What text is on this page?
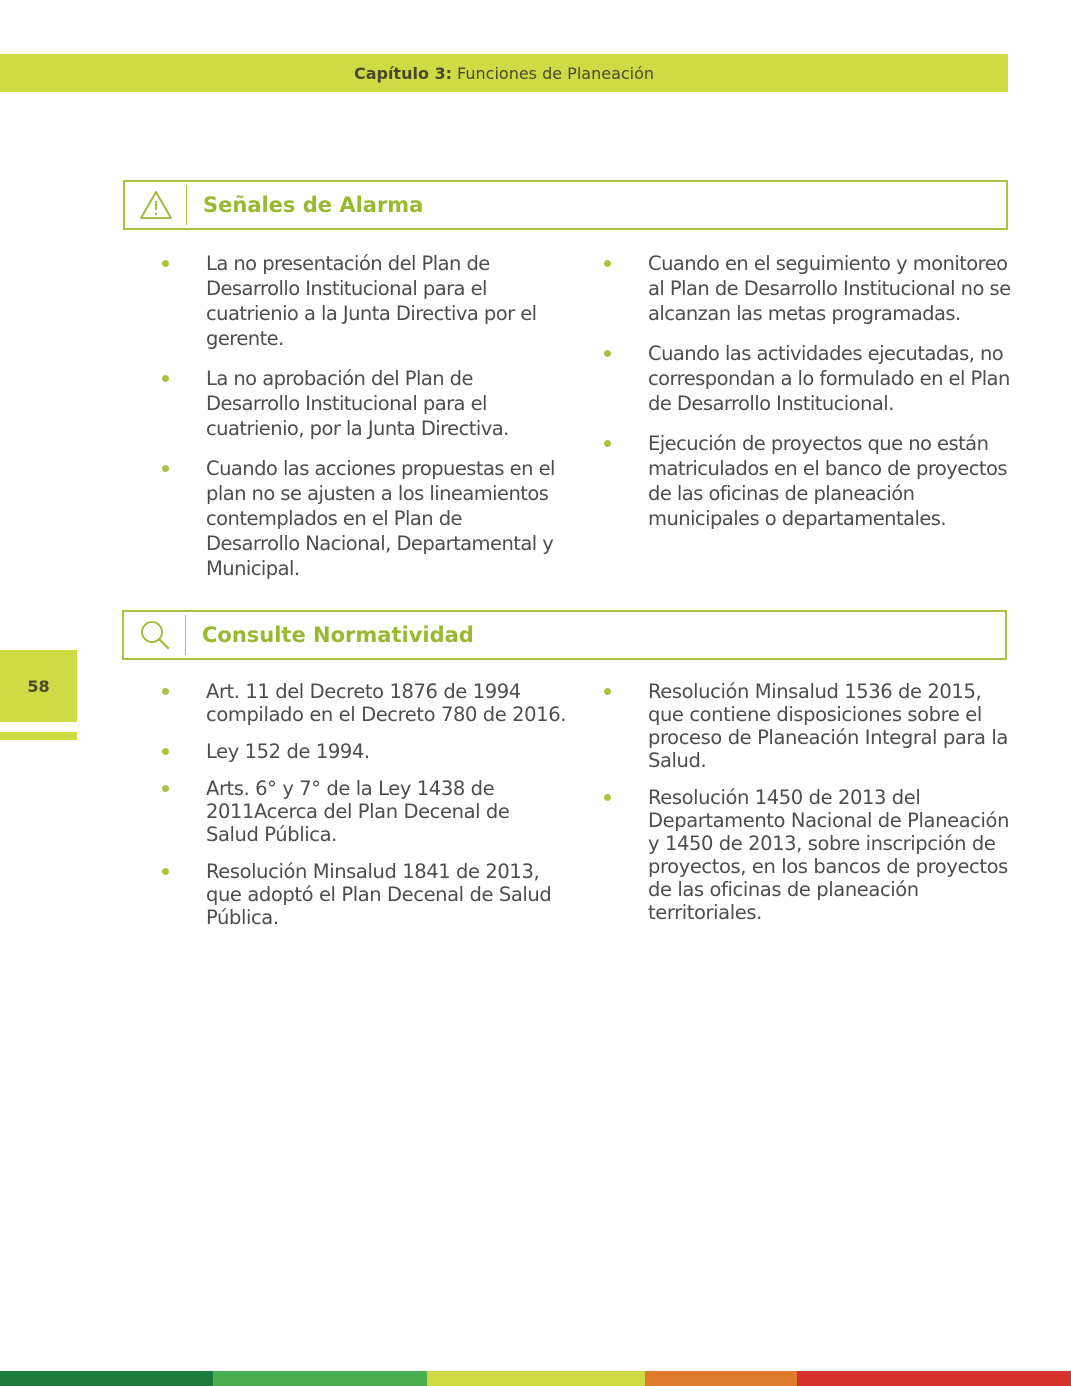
Capítulo 3: Funciones de Planeación
Señales de Alarma
La no presentación del Plan de Desarrollo Institucional para el cuatrienio a la Junta Directiva por el gerente.
La no aprobación del Plan de Desarrollo Institucional para el cuatrienio, por la Junta Directiva.
Cuando las acciones propuestas en el plan no se ajusten a los lineamientos contemplados en el Plan de Desarrollo Nacional, Departamental y Municipal.
Cuando en el seguimiento y monitoreo al Plan de Desarrollo Institucional no se alcanzan las metas programadas.
Cuando las actividades ejecutadas, no correspondan a lo formulado en el Plan de Desarrollo Institucional.
Ejecución de proyectos que no están matriculados en el banco de proyectos de las oficinas de planeación municipales o departamentales.
Consulte Normatividad
Art. 11 del Decreto 1876 de 1994 compilado en el Decreto 780 de 2016.
Ley 152 de 1994.
Arts. 6° y 7° de la Ley 1438 de 2011Acerca del Plan Decenal de Salud Pública.
Resolución Minsalud 1841 de 2013, que adoptó el Plan Decenal de Salud Pública.
Resolución Minsalud 1536 de 2015, que contiene disposiciones sobre el proceso de Planeación Integral para la Salud.
Resolución 1450 de 2013 del Departamento Nacional de Planeación y 1450 de 2013, sobre inscripción de proyectos, en los bancos de proyectos de las oficinas de planeación territoriales.
58
